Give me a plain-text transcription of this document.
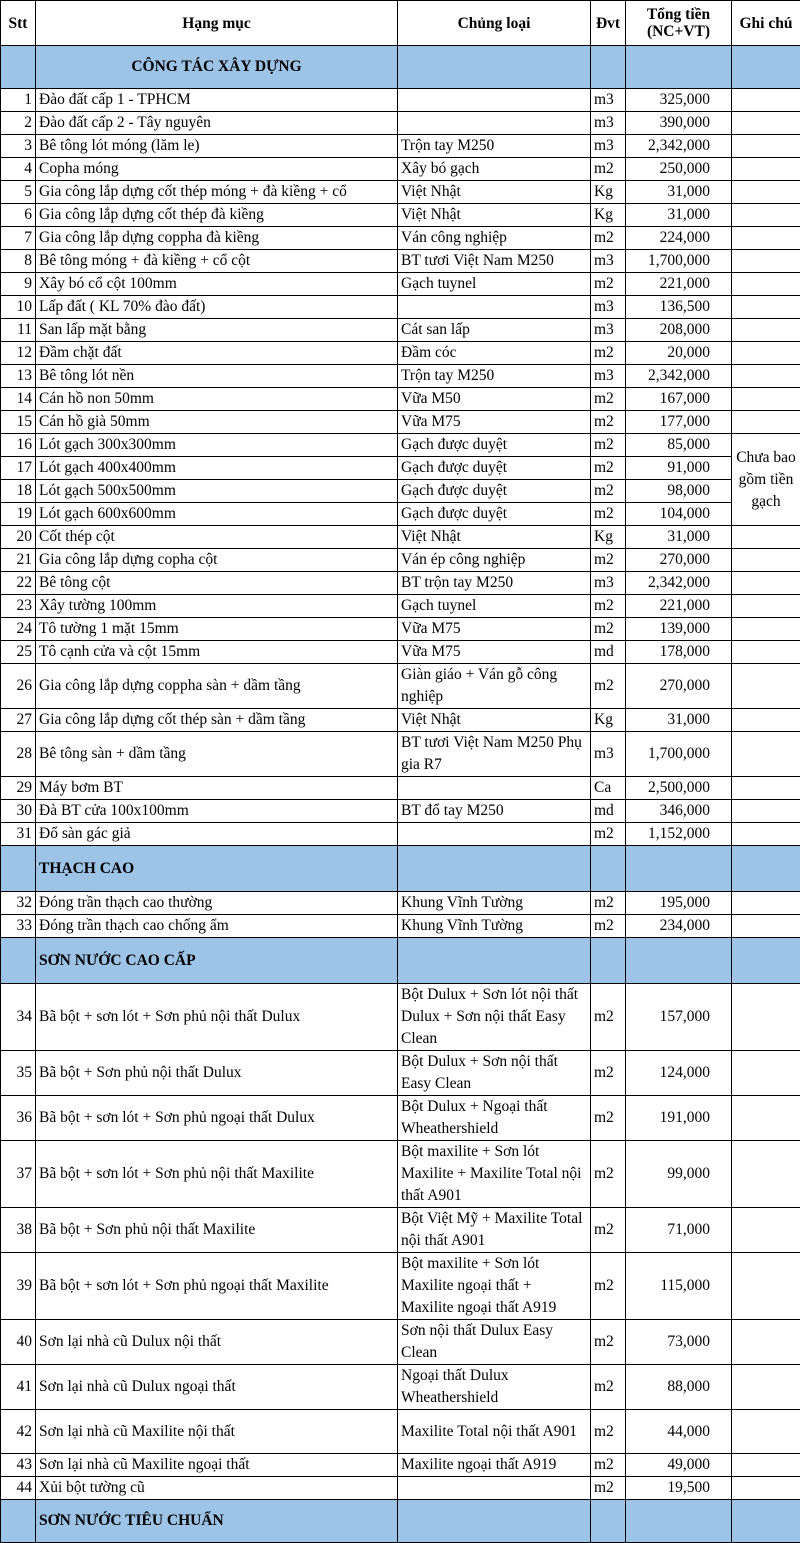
Stt	Hạng mục	Chủng loại	Đvt	Tổng tiền (NC+VT)	Ghi chú
	CÔNG TÁC XÂY DỰNG				
1	Đào đất cấp 1 - TPHCM		m3	325,000	
2	Đào đất cấp 2 - Tây nguyên		m3	390,000	
3	Bê tông lót móng (lăm le)	Trộn tay M250	m3	2,342,000	
4	Copha móng	Xây bó gạch	m2	250,000	
5	Gia công lắp dựng cốt thép móng + đà kiềng + cổ	Việt Nhật	Kg	31,000	
6	Gia công lắp dựng cốt thép đà kiềng	Việt Nhật	Kg	31,000	
7	Gia công lắp dựng coppha đà kiềng	Ván công nghiệp	m2	224,000	
8	Bê tông móng + đà kiềng + cổ cột	BT tươi Việt Nam M250	m3	1,700,000	
9	Xây bó cổ cột 100mm	Gạch tuynel	m2	221,000	
10	Lấp đất ( KL 70% đào đất)		m3	136,500	
11	San lấp mặt bằng	Cát san lấp	m3	208,000	
12	Đầm chặt đất	Đầm cóc	m2	20,000	
13	Bê tông lót nền	Trộn tay M250	m3	2,342,000	
14	Cán hồ non 50mm	Vữa M50	m2	167,000	
15	Cán hồ già 50mm	Vữa M75	m2	177,000	
16	Lót gạch 300x300mm	Gạch được duyệt	m2	85,000	Chưa bao gồm tiền gạch
17	Lót gạch 400x400mm	Gạch được duyệt	m2	91,000	
18	Lót gạch 500x500mm	Gạch được duyệt	m2	98,000	
19	Lót gạch 600x600mm	Gạch được duyệt	m2	104,000	
20	Cốt thép cột	Việt Nhật	Kg	31,000	
21	Gia công lắp dựng copha cột	Ván ép công nghiệp	m2	270,000	
22	Bê tông cột	BT trộn tay M250	m3	2,342,000	
23	Xây tường 100mm	Gạch tuynel	m2	221,000	
24	Tô tường 1 mặt 15mm	Vữa M75	m2	139,000	
25	Tô cạnh cửa và cột 15mm	Vữa M75	md	178,000	
26	Gia công lắp dựng coppha sàn + dầm tầng	Giàn giáo + Ván gỗ công nghiệp	m2	270,000	
27	Gia công lắp dựng cốt thép sàn + dầm tầng	Việt Nhật	Kg	31,000	
28	Bê tông sàn + dầm tầng	BT tươi Việt Nam M250 Phụ gia R7	m3	1,700,000	
29	Máy bơm BT		Ca	2,500,000	
30	Đà BT cửa 100x100mm	BT đổ tay M250	md	346,000	
31	Đổ sàn gác giả		m2	1,152,000	
	THẠCH CAO				
32	Đóng trần thạch cao thường	Khung Vĩnh Tường	m2	195,000	
33	Đóng trần thạch cao chống ẩm	Khung Vĩnh Tường	m2	234,000	
	SƠN NƯỚC CAO CẤP				
34	Bã bột + sơn lót + Sơn phủ nội thất Dulux	Bột Dulux + Sơn lót nội thất Dulux + Sơn nội thất Easy Clean	m2	157,000	
35	Bã bột + Sơn phủ nội thất Dulux	Bột Dulux + Sơn nội thất Easy Clean	m2	124,000	
36	Bã bột + sơn lót + Sơn phủ ngoại thất Dulux	Bột Dulux + Ngoại thất Wheathershield	m2	191,000	
37	Bã bột + sơn lót + Sơn phủ nội thất Maxilite	Bột maxilite + Sơn lót Maxilite + Maxilite Total nội thất A901	m2	99,000	
38	Bã bột + Sơn phủ nội thất Maxilite	Bột Việt Mỹ + Maxilite Total nội thất A901	m2	71,000	
39	Bã bột + sơn lót + Sơn phủ ngoại thất Maxilite	Bột maxilite + Sơn lót Maxilite ngoại thất + Maxilite ngoại thất A919	m2	115,000	
40	Sơn lại nhà cũ Dulux nội thất	Sơn nội thất Dulux Easy Clean	m2	73,000	
41	Sơn lại nhà cũ Dulux ngoại thất	Ngoại thất Dulux Wheathershield	m2	88,000	
42	Sơn lại nhà cũ Maxilite nội thất	Maxilite Total nội thất A901	m2	44,000	
43	Sơn lại nhà cũ Maxilite ngoại thất	Maxilite ngoại thất A919	m2	49,000	
44	Xủi bột tường cũ		m2	19,500	
	SƠN NƯỚC TIÊU CHUẨN				
